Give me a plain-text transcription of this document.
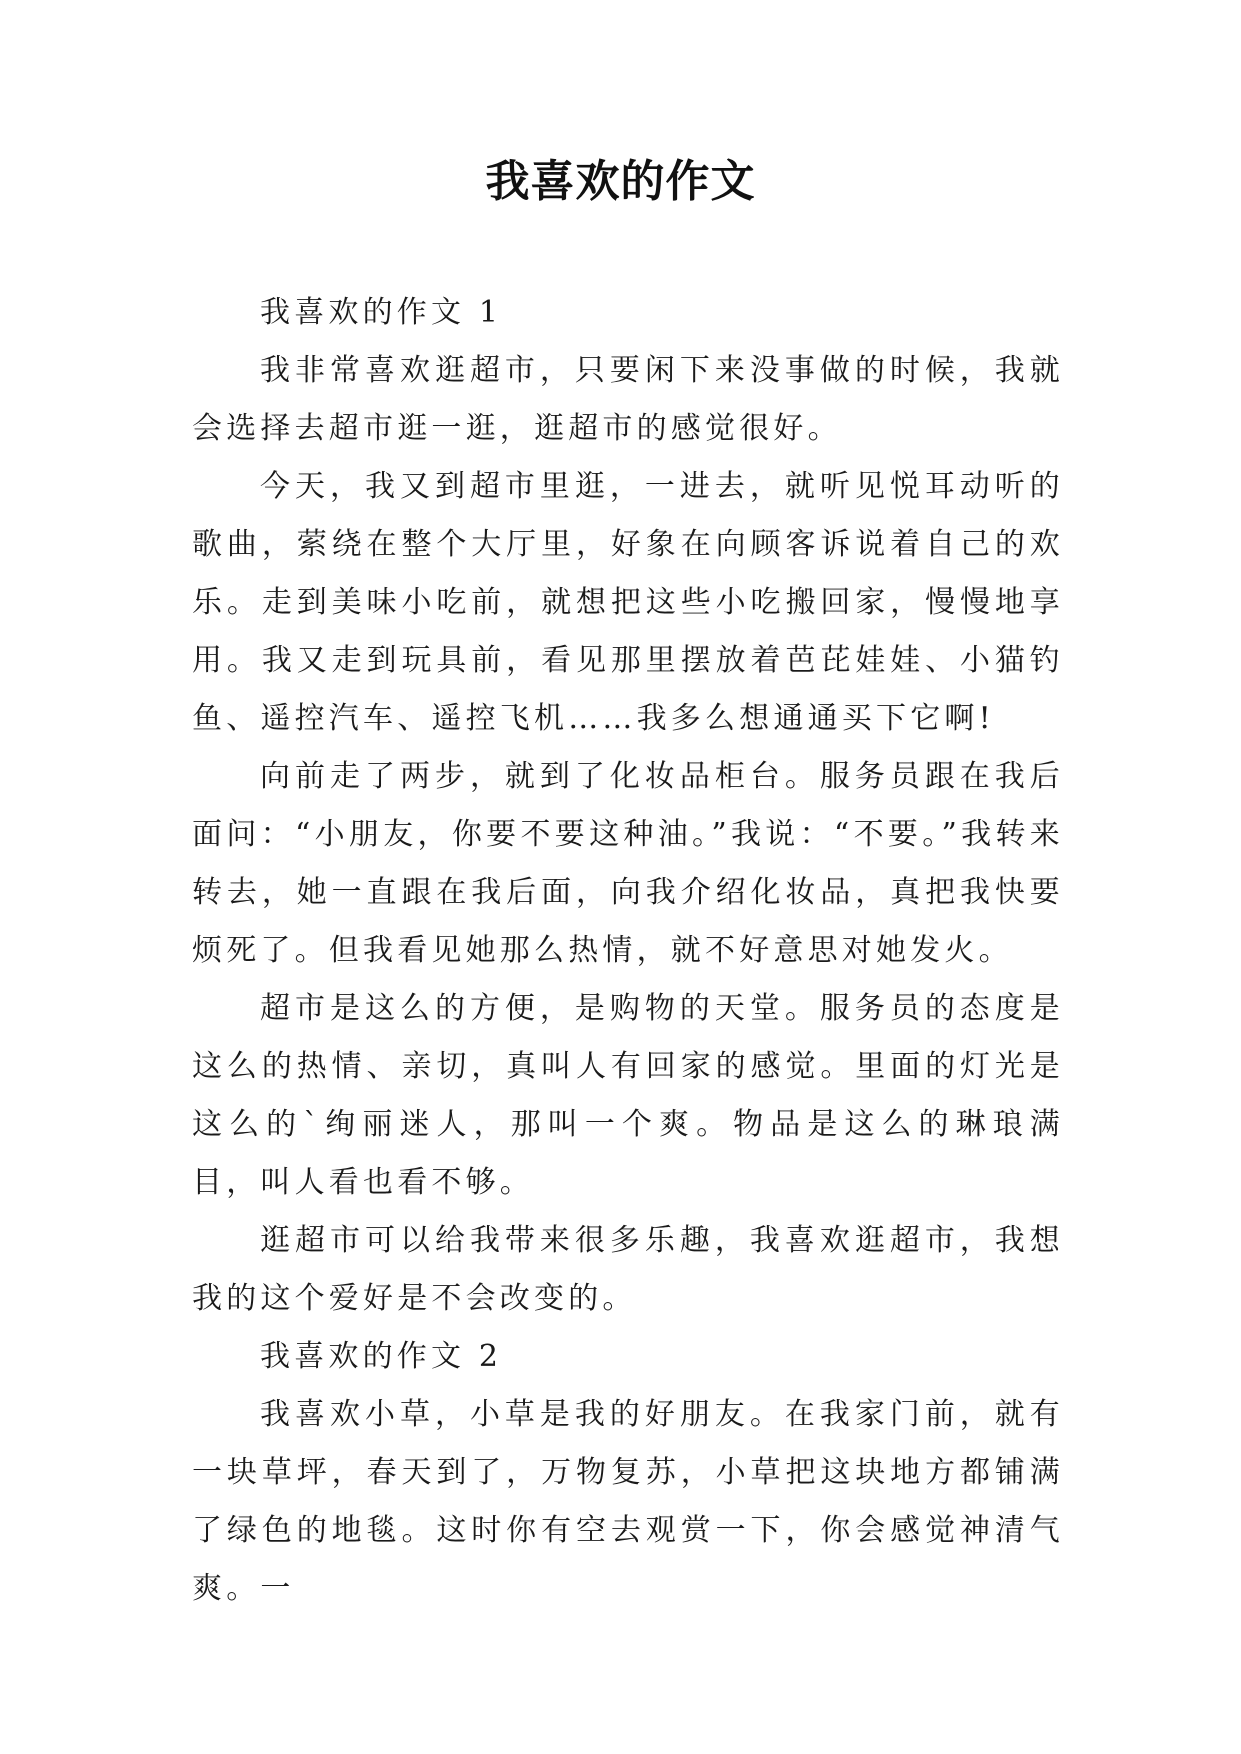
我喜欢的作文

我喜欢的作文 1

我非常喜欢逛超市，只要闲下来没事做的时候，我就会选择去超市逛一逛，逛超市的感觉很好。

今天，我又到超市里逛，一进去，就听见悦耳动听的歌曲，萦绕在整个大厅里，好象在向顾客诉说着自己的欢乐。走到美味小吃前，就想把这些小吃搬回家，慢慢地享用。我又走到玩具前，看见那里摆放着芭芘娃娃、小猫钓鱼、遥控汽车、遥控飞机……我多么想通通买下它啊!

向前走了两步，就到了化妆品柜台。服务员跟在我后面问：“小朋友，你要不要这种油。”我说：“不要。”我转来转去，她一直跟在我后面，向我介绍化妆品，真把我快要烦死了。但我看见她那么热情，就不好意思对她发火。

超市是这么的方便，是购物的天堂。服务员的态度是这么的热情、亲切，真叫人有回家的感觉。里面的灯光是这么的`绚丽迷人，那叫一个爽。物品是这么的琳琅满目，叫人看也看不够。

逛超市可以给我带来很多乐趣，我喜欢逛超市，我想我的这个爱好是不会改变的。

我喜欢的作文 2

我喜欢小草，小草是我的好朋友。在我家门前，就有一块草坪，春天到了，万物复苏，小草把这块地方都铺满了绿色的地毯。这时你有空去观赏一下，你会感觉神清气爽。一
